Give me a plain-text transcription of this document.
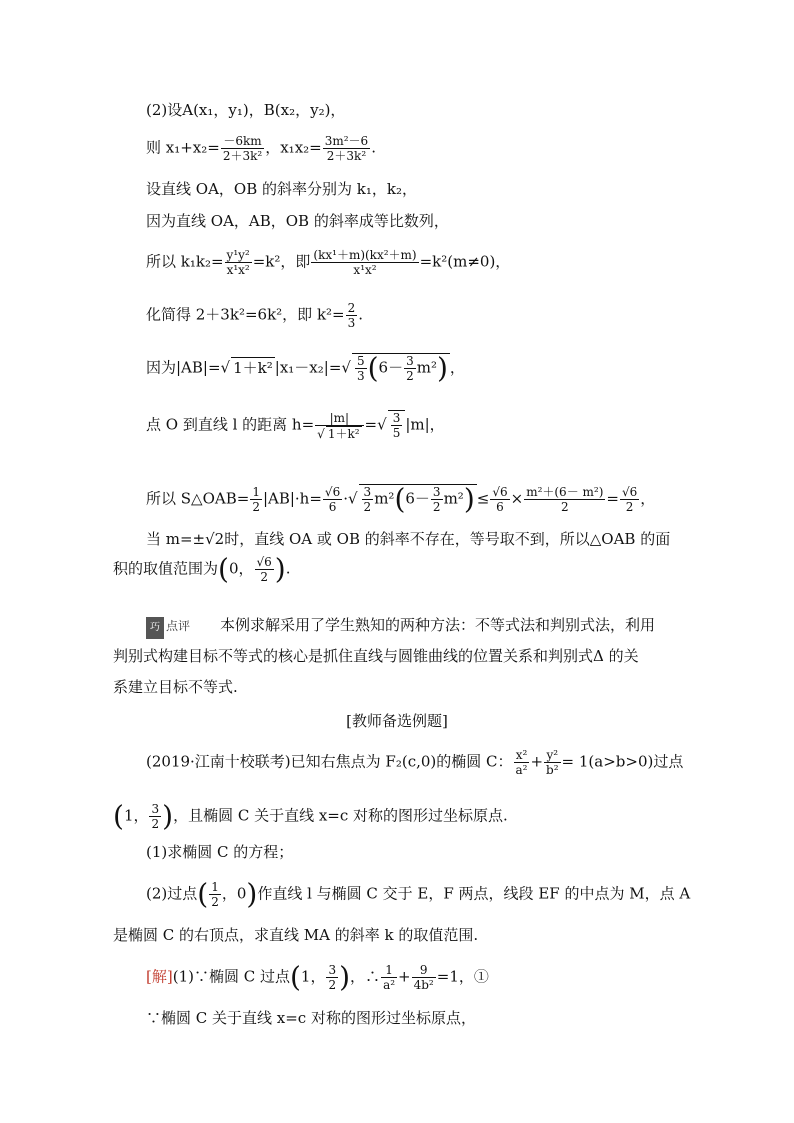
(2)设A(x₁，y₁)，B(x₂，y₂)，
则 $x_1+x_2= \frac{-6km}{\text{2＋3k²}}$ ，$x_1x_2= \frac{\text{3m²－6}}{\text{2＋3k²}}$ .
设直线 OA，OB 的斜率分别为 k₁，k₂，
因为直线 OA，AB，OB 的斜率成等比数列，
所以 $k_1k_2= \frac{\text{y¹y²}}{\text{x¹x²}} =k^2$，即 $\frac{\text{(kx¹＋m)(kx²＋m)}}{\text{x¹x²}} =k^2(m\ne 0)$，
化简得 2＋3k²=6k²，即 $k^2= \frac{2}{3}$ .
因为|AB|=√ 1＋k² $|x_1-x_2|=√ \frac{5}{3} (6- \frac{3}{2} m^2)$ ，
点 O 到直线 l 的距离 $h= \frac{|m|}{\text{√ 1＋k²}}$ =√ $\frac{3}{5} |m|$，
所以 S△OAB= $\frac{1}{2} |AB|\cdot h= \frac{√6}{6}$ ·√ $\frac{3}{2} m^2(6- \frac{3}{2} m^2) \le \frac{√6}{6} \times \frac{\text{m²＋(6－ m²)}}{2} = \frac{√6}{2}$ ，
当 m=±√2时，直线 OA 或 OB 的斜率不存在，等号取不到，所以△OAB 的面
积的取值范围为(0， $\frac{√6}{2}$ ).
巧 点评 本例求解采用了学生熟知的两种方法：不等式法和判别式法，利用
判别式构建目标不等式的核心是抓住直线与圆锥曲线的位置关系和判别式Δ 的关
系建立目标不等式.
[教师备选例题]
(2019·江南十校联考)已知右焦点为 F₂(c,0)的椭圆 C： $\frac{\text{x²}}{\text{a²}} + \frac{\text{y²}}{\text{b²}} = 1(a>b>0)$过点
(1， $\frac{3}{2}$ )，且椭圆 C 关于直线 x=c 对称的图形过坐标原点.
(1)求椭圆 C 的方程；
(2)过点( $\frac{1}{2}$ ，0)作直线 l 与椭圆 C 交于 E，F 两点，线段 EF 的中点为 M，点 A
是椭圆 C 的右顶点，求直线 MA 的斜率 k 的取值范围.
[解](1)∵椭圆 C 过点(1， $\frac{3}{2}$ )，∴ $\frac{1}{\text{a²}} + \frac{9}{\text{4b²}} =1$，①
∵椭圆 C 关于直线 x=c 对称的图形过坐标原点，
